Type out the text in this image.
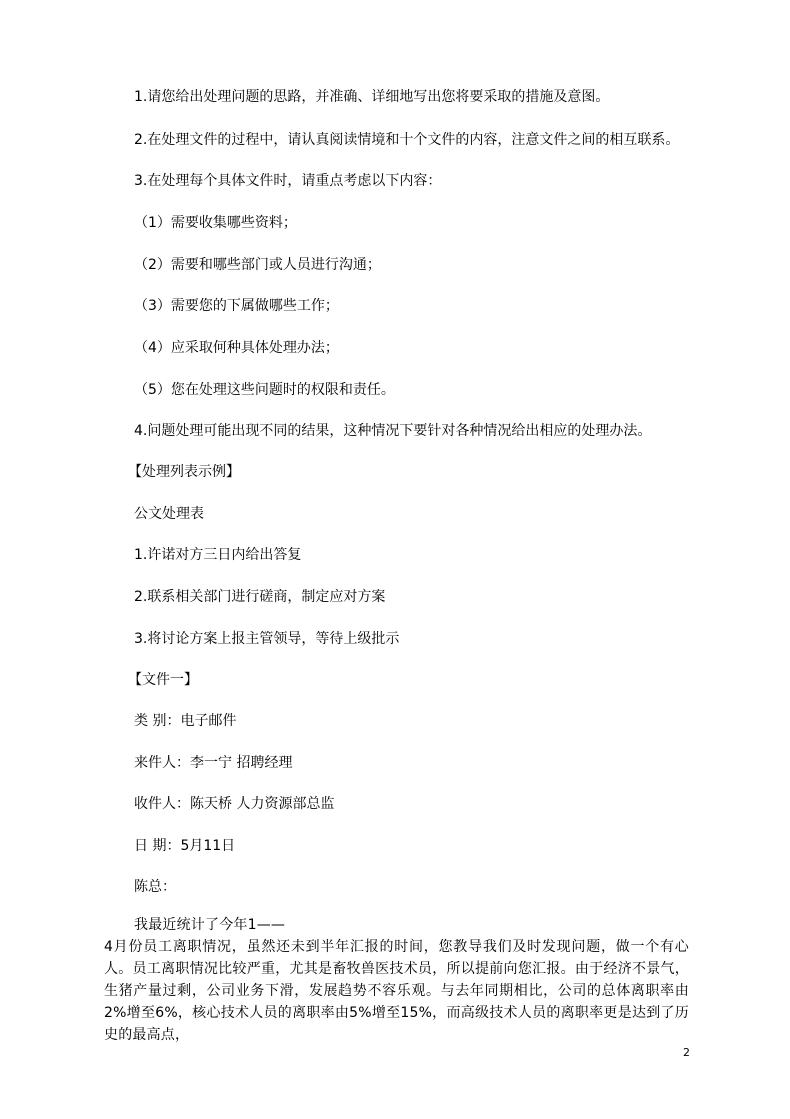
1.请您给出处理问题的思路，并准确、详细地写出您将要采取的措施及意图。
2.在处理文件的过程中，请认真阅读情境和十个文件的内容，注意文件之间的相互联系。
3.在处理每个具体文件时，请重点考虑以下内容：
（1）需要收集哪些资料；
（2）需要和哪些部门或人员进行沟通；
（3）需要您的下属做哪些工作；
（4）应采取何种具体处理办法；
（5）您在处理这些问题时的权限和责任。
4.问题处理可能出现不同的结果，这种情况下要针对各种情况给出相应的处理办法。
【处理列表示例】
公文处理表
1.许诺对方三日内给出答复
2.联系相关部门进行磋商，制定应对方案
3.将讨论方案上报主管领导，等待上级批示
【文件一】
类 别：电子邮件
来件人：李一宁 招聘经理
收件人：陈天桥 人力资源部总监
日 期：5月11日
陈总：
我最近统计了今年1——
4月份员工离职情况，虽然还未到半年汇报的时间，您教导我们及时发现问题，做一个有心人。员工离职情况比较严重，尤其是畜牧兽医技术员，所以提前向您汇报。由于经济不景气，生猪产量过剩，公司业务下滑，发展趋势不容乐观。与去年同期相比，公司的总体离职率由2%增至6%，核心技术人员的离职率由5%增至15%，而高级技术人员的离职率更是达到了历史的最高点，
2
